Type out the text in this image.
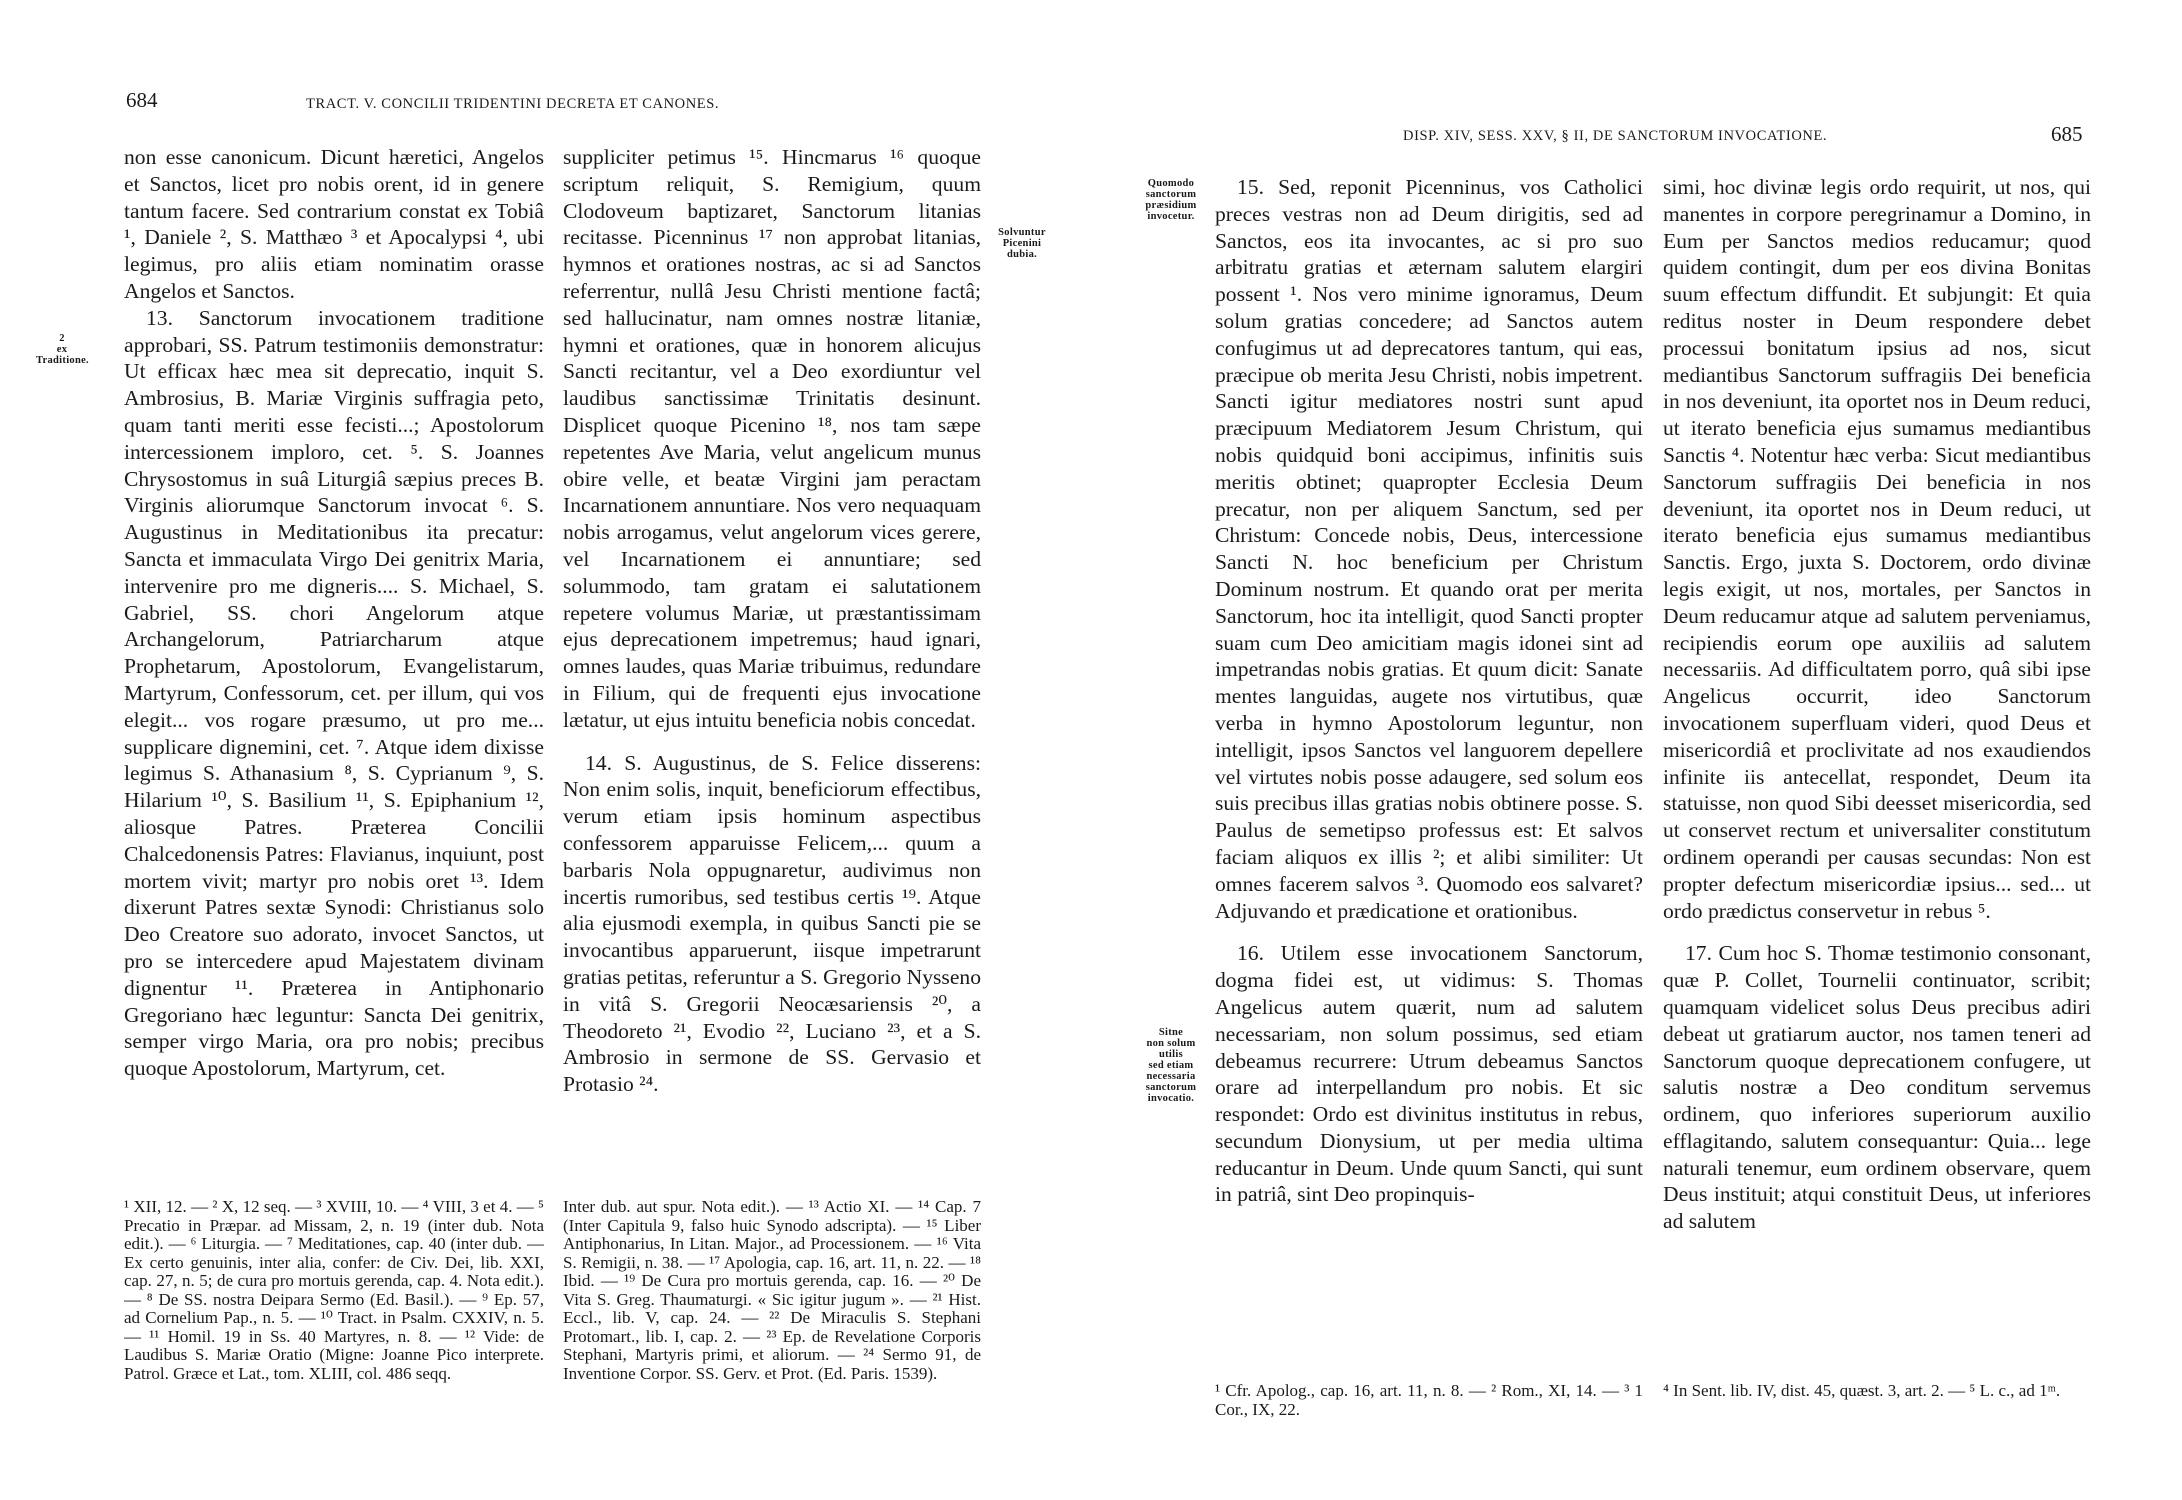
684	TRACT. V. CONCILII TRIDENTINI DECRETA ET CANONES.
2
ex
Traditione.

non esse canonicum. Dicunt hæretici, Angelos et Sanctos, licet pro nobis orent, id in genere tantum facere. Sed contrarium constat ex Tobiâ ¹, Daniele ², S. Matthæo ³ et Apocalypsi ⁴, ubi legimus, pro aliis etiam nominatim orasse Angelos et Sanctos.

13. Sanctorum invocationem traditione approbari, SS. Patrum testimoniis demonstratur: Ut efficax hæc mea sit deprecatio, inquit S. Ambrosius, B. Mariæ Virginis suffragia peto, quam tanti meriti esse fecisti...; Apostolorum intercessionem imploro, cet. ⁵. S. Joannes Chrysostomus in suâ Liturgiâ sæpius preces B. Virginis aliorumque Sanctorum invocat ⁶. S. Augustinus in Meditationibus ita precatur: Sancta et immaculata Virgo Dei genitrix Maria, intervenire pro me digneris.... S. Michael, S. Gabriel, SS. chori Angelorum atque Archangelorum, Patriarcharum atque Prophetarum, Apostolorum, Evangelistarum, Martyrum, Confessorum, cet. per illum, qui vos elegit... vos rogare præsumo, ut pro me... supplicare dignemini, cet. ⁷. Atque idem dixisse legimus S. Athanasium ⁸, S. Cyprianum ⁹, S. Hilarium ¹⁰, S. Basilium ¹¹, S. Epiphanium ¹², aliosque Patres. Præterea Concilii Chalcedonensis Patres: Flavianus, inquiunt, post mortem vivit; martyr pro nobis oret ¹³. Idem dixerunt Patres sextæ Synodi: Christianus solo Deo Creatore suo adorato, invocet Sanctos, ut pro se intercedere apud Majestatem divinam dignentur ¹¹. Præterea in Antiphonario Gregoriano hæc leguntur: Sancta Dei genitrix, semper virgo Maria, ora pro nobis; precibus quoque Apostolorum, Martyrum, cet.

Solvuntur
Picenini
dubia.

suppliciter petimus ¹⁵. Hincmarus ¹⁶ quoque scriptum reliquit, S. Remigium, quum Clodoveum baptizaret, Sanctorum litanias recitasse. Picenninus ¹⁷ non approbat litanias, hymnos et orationes nostras, ac si ad Sanctos referrentur, nullâ Jesu Christi mentione factâ; sed hallucinatur, nam omnes nostræ litaniæ, hymni et orationes, quæ in honorem alicujus Sancti recitantur, vel a Deo exordiuntur vel laudibus sanctissimæ Trinitatis desinunt. Displicet quoque Picenino ¹⁸, nos tam sæpe repetentes Ave Maria, velut angelicum munus obire velle, et beatæ Virgini jam peractam Incarnationem annuntiare. Nos vero nequaquam nobis arrogamus, velut angelorum vices gerere, vel Incarnationem ei annuntiare; sed solummodo, tam gratam ei salutationem repetere volumus Mariæ, ut præstantissimam ejus deprecationem impetremus; haud ignari, omnes laudes, quas Mariæ tribuimus, redundare in Filium, qui de frequenti ejus invocatione lætatur, ut ejus intuitu beneficia nobis concedat.

14. S. Augustinus, de S. Felice disserens: Non enim solis, inquit, beneficiorum effectibus, verum etiam ipsis hominum aspectibus confessorem apparuisse Felicem,... quum a barbaris Nola oppugnaretur, audivimus non incertis rumoribus, sed testibus certis ¹⁹. Atque alia ejusmodi exempla, in quibus Sancti pie se invocantibus apparuerunt, iisque impetrarunt gratias petitas, referuntur a S. Gregorio Nysseno in vitâ S. Gregorii Neocæsariensis ²⁰, a Theodoreto ²¹, Evodio ²², Luciano ²³, et a S. Ambrosio in sermone de SS. Gervasio et Protasio ²⁴.

¹ XII, 12. — ² X, 12 seq. — ³ XVIII, 10. — ⁴ VIII, 3 et 4. — ⁵ Precatio in Præpar. ad Missam, 2, n. 19 (inter dub. Nota edit.). — ⁶ Liturgia. — ⁷ Meditationes, cap. 40 (inter dub. — Ex certo genuinis, inter alia, confer: de Civ. Dei, lib. XXI, cap. 27, n. 5; de cura pro mortuis gerenda, cap. 4. Nota edit.). — ⁸ De SS. nostra Deipara Sermo (Ed. Basil.). — ⁹ Ep. 57, ad Cornelium Pap., n. 5. — ¹⁰ Tract. in Psalm. CXXIV, n. 5. — ¹¹ Homil. 19 in Ss. 40 Martyres, n. 8. — ¹² Vide: de Laudibus S. Mariæ Oratio (Migne: Joanne Pico interprete. Patrol. Græce et Lat., tom. XLIII, col. 486 seqq.
Inter dub. aut spur. Nota edit.). — ¹³ Actio XI. — ¹⁴ Cap. 7 (Inter Capitula 9, falso huic Synodo adscripta). — ¹⁵ Liber Antiphonarius, In Litan. Major., ad Processionem. — ¹⁶ Vita S. Remigii, n. 38. — ¹⁷ Apologia, cap. 16, art. 11, n. 22. — ¹⁸ Ibid. — ¹⁹ De Cura pro mortuis gerenda, cap. 16. — ²⁰ De Vita S. Greg. Thaumaturgi. « Sic igitur jugum ». — ²¹ Hist. Eccl., lib. V, cap. 24. — ²² De Miraculis S. Stephani Protomart., lib. I, cap. 2. — ²³ Ep. de Revelatione Corporis Stephani, Martyris primi, et aliorum. — ²⁴ Sermo 91, de Inventione Corpor. SS. Gerv. et Prot. (Ed. Paris. 1539).
DISP. XIV, SESS. XXV, § II, DE SANCTORUM INVOCATIONE.	685
Quomodo
sanctorum
præsidium
invocetur.
Sitne
non solum
utilis
sed etiam
necessaria
sanctorum
invocatio.

15. Sed, reponit Picenninus, vos Catholici preces vestras non ad Deum dirigitis, sed ad Sanctos, eos ita invocantes, ac si pro suo arbitratu gratias et æternam salutem elargiri possent ¹. Nos vero minime ignoramus, Deum solum gratias concedere; ad Sanctos autem confugimus ut ad deprecatores tantum, qui eas, præcipue ob merita Jesu Christi, nobis impetrent. Sancti igitur mediatores nostri sunt apud præcipuum Mediatorem Jesum Christum, qui nobis quidquid boni accipimus, infinitis suis meritis obtinet; quapropter Ecclesia Deum precatur, non per aliquem Sanctum, sed per Christum: Concede nobis, Deus, intercessione Sancti N. hoc beneficium per Christum Dominum nostrum. Et quando orat per merita Sanctorum, hoc ita intelligit, quod Sancti propter suam cum Deo amicitiam magis idonei sint ad impetrandas nobis gratias. Et quum dicit: Sanate mentes languidas, augete nos virtutibus, quæ verba in hymno Apostolorum leguntur, non intelligit, ipsos Sanctos vel languorem depellere vel virtutes nobis posse adaugere, sed solum eos suis precibus illas gratias nobis obtinere posse. S. Paulus de semetipso professus est: Et salvos faciam aliquos ex illis ²; et alibi similiter: Ut omnes facerem salvos ³. Quomodo eos salvaret? Adjuvando et prædicatione et orationibus.

16. Utilem esse invocationem Sanctorum, dogma fidei est, ut vidimus: S. Thomas Angelicus autem quærit, num ad salutem necessariam, non solum possimus, sed etiam debeamus recurrere: Utrum debeamus Sanctos orare ad interpellandum pro nobis. Et sic respondet: Ordo est divinitus institutus in rebus, secundum Dionysium, ut per media ultima reducantur in Deum. Unde quum Sancti, qui sunt in patriâ, sint Deo propinquis-

simi, hoc divinæ legis ordo requirit, ut nos, qui manentes in corpore peregrinamur a Domino, in Eum per Sanctos medios reducamur; quod quidem contingit, dum per eos divina Bonitas suum effectum diffundit. Et subjungit: Et quia reditus noster in Deum respondere debet processui bonitatum ipsius ad nos, sicut mediantibus Sanctorum suffragiis Dei beneficia in nos deveniunt, ita oportet nos in Deum reduci, ut iterato beneficia ejus sumamus mediantibus Sanctis ⁴. Notentur hæc verba: Sicut mediantibus Sanctorum suffragiis Dei beneficia in nos deveniunt, ita oportet nos in Deum reduci, ut iterato beneficia ejus sumamus mediantibus Sanctis. Ergo, juxta S. Doctorem, ordo divinæ legis exigit, ut nos, mortales, per Sanctos in Deum reducamur atque ad salutem perveniamus, recipiendis eorum ope auxiliis ad salutem necessariis. Ad difficultatem porro, quâ sibi ipse Angelicus occurrit, ideo Sanctorum invocationem superfluam videri, quod Deus et misericordiâ et proclivitate ad nos exaudiendos infinite iis antecellat, respondet, Deum ita statuisse, non quod Sibi deesset misericordia, sed ut conservet rectum et universaliter constitutum ordinem operandi per causas secundas: Non est propter defectum misericordiæ ipsius... sed... ut ordo prædictus conservetur in rebus ⁵.

17. Cum hoc S. Thomæ testimonio consonant, quæ P. Collet, Tournelii continuator, scribit; quamquam videlicet solus Deus precibus adiri debeat ut gratiarum auctor, nos tamen teneri ad Sanctorum quoque deprecationem confugere, ut salutis nostræ a Deo conditum servemus ordinem, quo inferiores superiorum auxilio efflagitando, salutem consequantur: Quia... lege naturali tenemur, eum ordinem observare, quem Deus instituit; atqui constituit Deus, ut inferiores ad salutem

¹ Cfr. Apolog., cap. 16, art. 11, n. 8. — ² Rom., XI, 14. — ³ 1 Cor., IX, 22.
⁴ In Sent. lib. IV, dist. 45, quæst. 3, art. 2. — ⁵ L. c., ad 1ᵐ.
